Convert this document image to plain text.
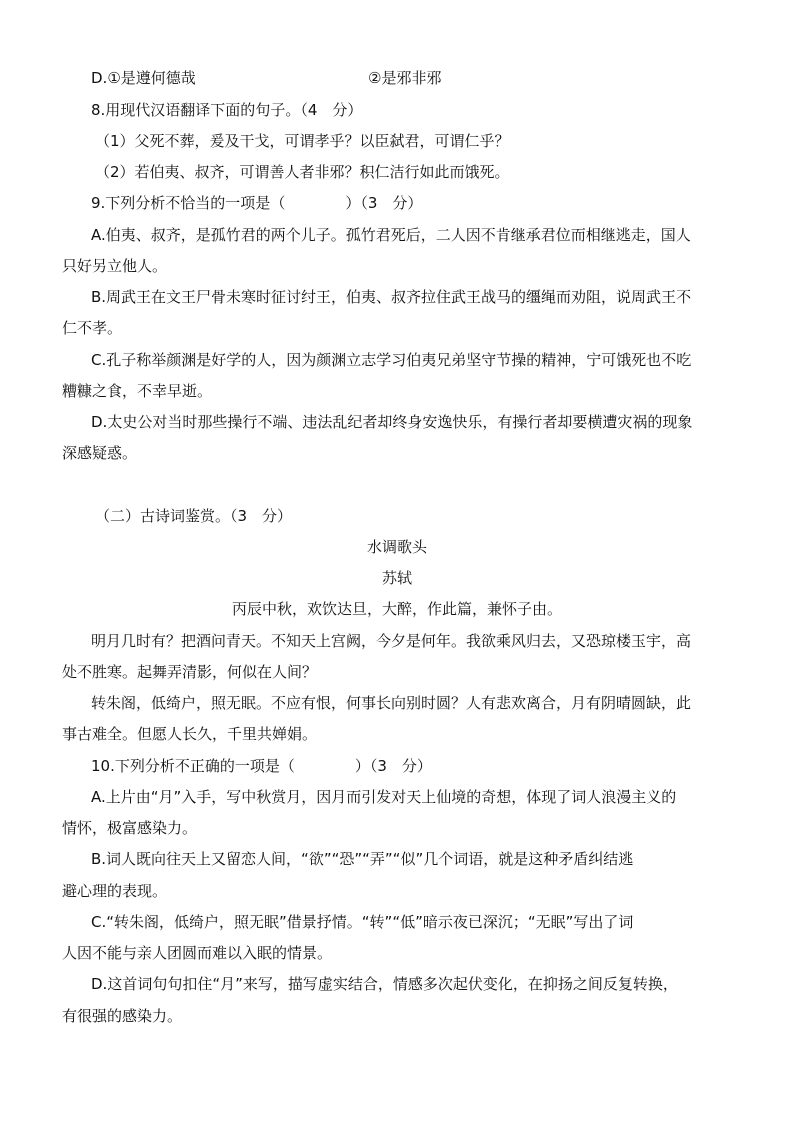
D.①是遵何德哉	②是邪非邪
8.用现代汉语翻译下面的句子。（4　分）
（1）父死不葬，爰及干戈，可谓孝乎？以臣弑君，可谓仁乎？
（2）若伯夷、叔齐，可谓善人者非邪？积仁洁行如此而饿死。
9.下列分析不恰当的一项是（　　　　）（3　分）
A.伯夷、叔齐，是孤竹君的两个儿子。孤竹君死后，二人因不肯继承君位而相继逃走，国人
只好另立他人。
B.周武王在文王尸骨未寒时征讨纣王，伯夷、叔齐拉住武王战马的缰绳而劝阻，说周武王不
仁不孝。
C.孔子称举颜渊是好学的人，因为颜渊立志学习伯夷兄弟坚守节操的精神，宁可饿死也不吃
糟糠之食，不幸早逝。
D.太史公对当时那些操行不端、违法乱纪者却终身安逸快乐，有操行者却要横遭灾祸的现象
深感疑惑。
（二）古诗词鉴赏。（3　分）
水调歌头
苏轼
丙辰中秋，欢饮达旦，大醉，作此篇，兼怀子由。
明月几时有？把酒问青天。不知天上宫阙，今夕是何年。我欲乘风归去，又恐琼楼玉宇，高
处不胜寒。起舞弄清影，何似在人间？
转朱阁，低绮户，照无眠。不应有恨，何事长向别时圆？人有悲欢离合，月有阴晴圆缺，此
事古难全。但愿人长久，千里共婵娟。
10.下列分析不正确的一项是（　　　　）（3　分）
A.上片由“月”入手，写中秋赏月，因月而引发对天上仙境的奇想，体现了词人浪漫主义的
情怀，极富感染力。
B.词人既向往天上又留恋人间，“欲”“恐”“弄”“似”几个词语，就是这种矛盾纠结逃
避心理的表现。
C.“转朱阁，低绮户，照无眠”借景抒情。“转”“低”暗示夜已深沉；“无眠”写出了词
人因不能与亲人团圆而难以入眠的情景。
D.这首词句句扣住“月”来写，描写虚实结合，情感多次起伏变化，在抑扬之间反复转换，
有很强的感染力。
